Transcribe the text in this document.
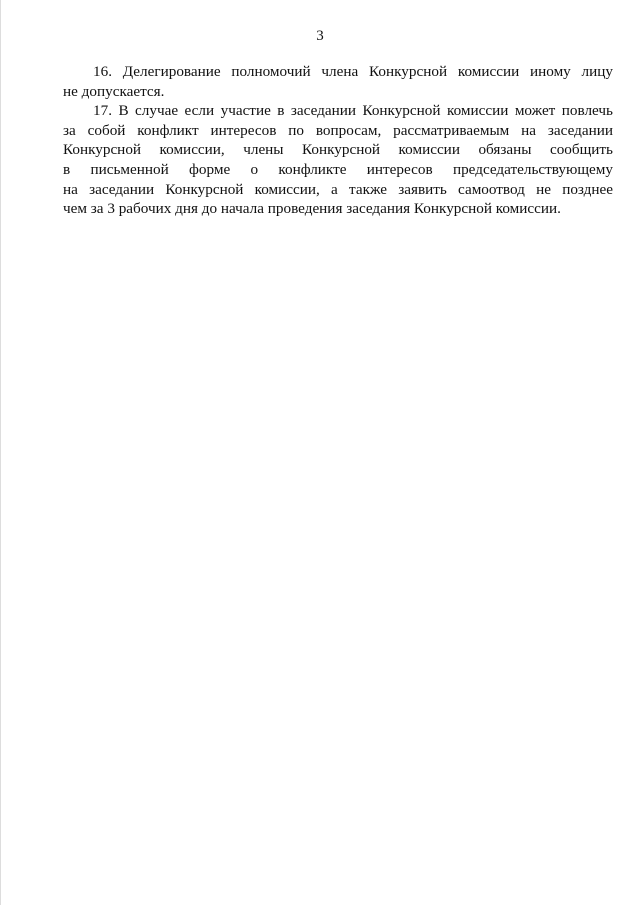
3
16. Делегирование полномочий члена Конкурсной комиссии иному лицу
не допускается.
17. В случае если участие в заседании Конкурсной комиссии может повлечь
за собой конфликт интересов по вопросам, рассматриваемым на заседании
Конкурсной комиссии, члены Конкурсной комиссии обязаны сообщить
в письменной форме о конфликте интересов председательствующему
на заседании Конкурсной комиссии, а также заявить самоотвод не позднее
чем за 3 рабочих дня до начала проведения заседания Конкурсной комиссии.
